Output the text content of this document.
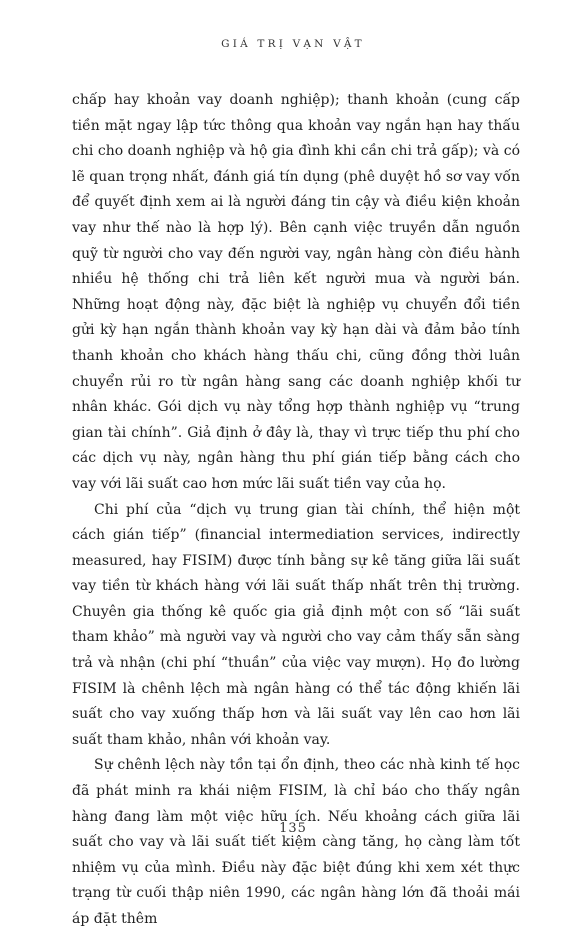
GIÁ TRỊ VẠN VẬT

chấp hay khoản vay doanh nghiệp); thanh khoản (cung cấp tiền mặt ngay lập tức thông qua khoản vay ngắn hạn hay thấu chi cho doanh nghiệp và hộ gia đình khi cần chi trả gấp); và có lẽ quan trọng nhất, đánh giá tín dụng (phê duyệt hồ sơ vay vốn để quyết định xem ai là người đáng tin cậy và điều kiện khoản vay như thế nào là hợp lý). Bên cạnh việc truyền dẫn nguồn quỹ từ người cho vay đến người vay, ngân hàng còn điều hành nhiều hệ thống chi trả liên kết người mua và người bán. Những hoạt động này, đặc biệt là nghiệp vụ chuyển đổi tiền gửi kỳ hạn ngắn thành khoản vay kỳ hạn dài và đảm bảo tính thanh khoản cho khách hàng thấu chi, cũng đồng thời luân chuyển rủi ro từ ngân hàng sang các doanh nghiệp khối tư nhân khác. Gói dịch vụ này tổng hợp thành nghiệp vụ “trung gian tài chính”. Giả định ở đây là, thay vì trực tiếp thu phí cho các dịch vụ này, ngân hàng thu phí gián tiếp bằng cách cho vay với lãi suất cao hơn mức lãi suất tiền vay của họ.

Chi phí của “dịch vụ trung gian tài chính, thể hiện một cách gián tiếp” (financial intermediation services, indirectly measured, hay FISIM) được tính bằng sự kê tăng giữa lãi suất vay tiền từ khách hàng với lãi suất thấp nhất trên thị trường. Chuyên gia thống kê quốc gia giả định một con số “lãi suất tham khảo” mà người vay và người cho vay cảm thấy sẵn sàng trả và nhận (chi phí “thuần” của việc vay mượn). Họ đo lường FISIM là chênh lệch mà ngân hàng có thể tác động khiến lãi suất cho vay xuống thấp hơn và lãi suất vay lên cao hơn lãi suất tham khảo, nhân với khoản vay.

Sự chênh lệch này tồn tại ổn định, theo các nhà kinh tế học đã phát minh ra khái niệm FISIM, là chỉ báo cho thấy ngân hàng đang làm một việc hữu ích. Nếu khoảng cách giữa lãi suất cho vay và lãi suất tiết kiệm càng tăng, họ càng làm tốt nhiệm vụ của mình. Điều này đặc biệt đúng khi xem xét thực trạng từ cuối thập niên 1990, các ngân hàng lớn đã thoải mái áp đặt thêm

135
